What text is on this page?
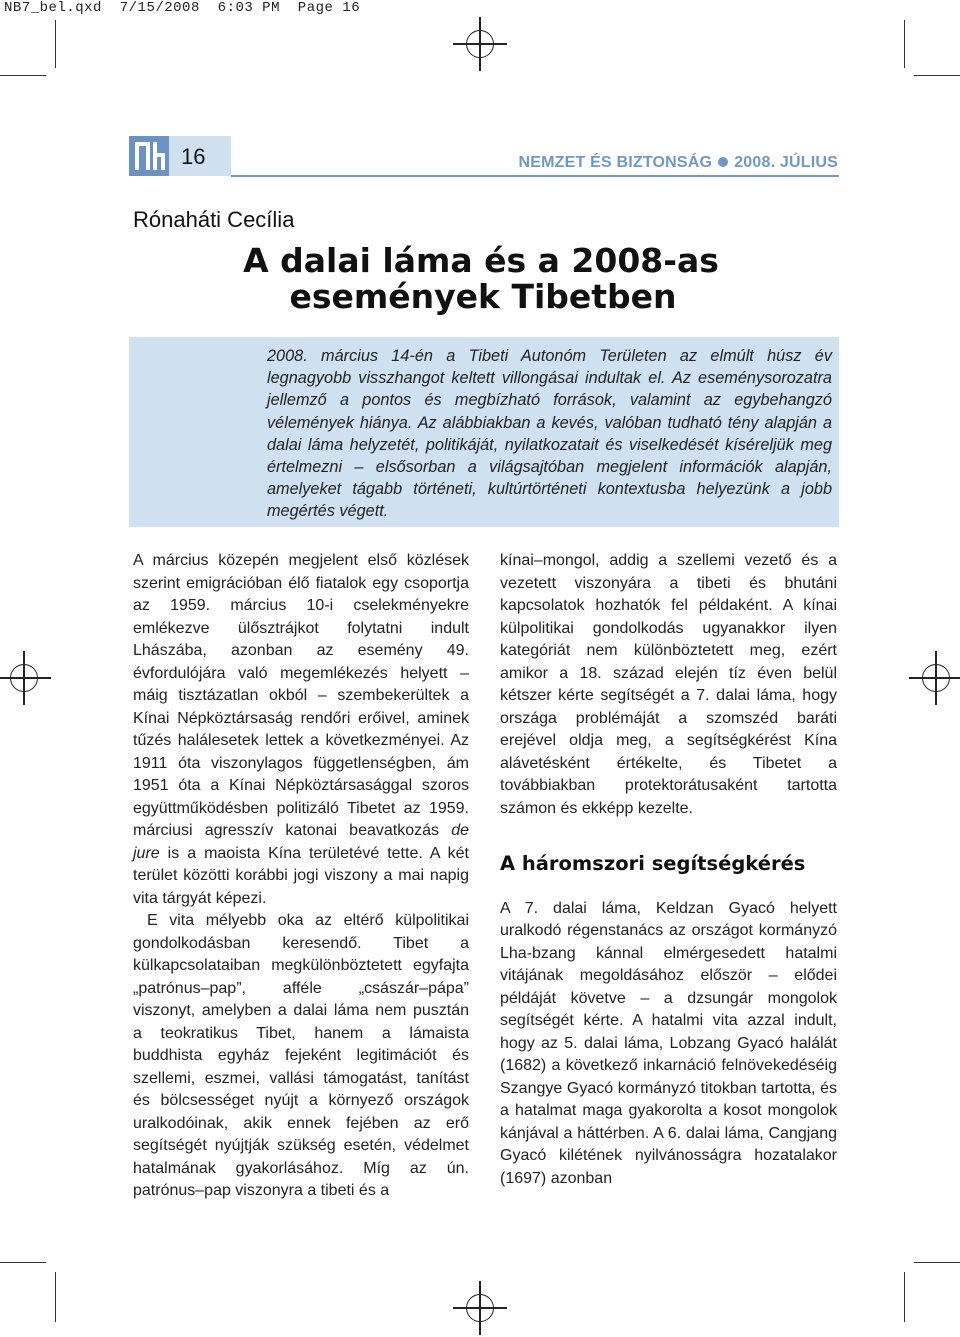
NB7_bel.qxd 7/15/2008 6:03 PM Page 16
16	NEMZET ÉS BIZTONSÁG 2008. JÚLIUS
Rónaháti Cecília
A dalai láma és a 2008-as
események Tibetben
2008. március 14-én a Tibeti Autonóm Területen az elmúlt húsz év legnagyobb visszhangot keltett villongásai indultak el. Az eseménysorozatra jellemző a pontos és megbízható források, valamint az egybehangzó vélemények hiánya. Az alábbiakban a kevés, valóban tudható tény alapján a dalai láma helyzetét, politikáját, nyilatkozatait és viselkedését kíséreljük meg értelmezni – elsősorban a világsajtóban megjelent információk alapján, amelyeket tágabb történeti, kultúrtörténeti kontextusba helyezünk a jobb megértés végett.

A március közepén megjelent első közlések szerint emigrációban élő fiatalok egy csoportja az 1959. március 10-i cselekményekre emlékezve ülősztrájkot folytatni indult Lhászába, azonban az esemény 49. évfordulójára való megemlékezés helyett – máig tisztázatlan okból – szembekerültek a Kínai Népköztársaság rendőri erőivel, aminek tűzés halálesetek lettek a következményei. Az 1911 óta viszonylagos függetlenségben, ám 1951 óta a Kínai Népköztársasággal szoros együttműködésben politizáló Tibetet az 1959. márciusi agresszív katonai beavatkozás de jure is a maoista Kína területévé tette. A két terület közötti korábbi jogi viszony a mai napig vita tárgyát képezi.

E vita mélyebb oka az eltérő külpolitikai gondolkodásban keresendő. Tibet a külkapcsolataiban megkülönböztetett egyfajta „patrónus–pap”, afféle „császár–pápa” viszonyt, amelyben a dalai láma nem pusztán a teokratikus Tibet, hanem a lámaista buddhista egyház fejeként legitimációt és szellemi, eszmei, vallási támogatást, tanítást és bölcsességet nyújt a környező országok uralkodóinak, akik ennek fejében az erő segítségét nyújtják szükség esetén, védelmet hatalmának gyakorlásához. Míg az ún. patrónus–pap viszonyra a tibeti és a

kínai–mongol, addig a szellemi vezető és a vezetett viszonyára a tibeti és bhutáni kapcsolatok hozhatók fel példaként. A kínai külpolitikai gondolkodás ugyanakkor ilyen kategóriát nem különböztetett meg, ezért amikor a 18. század elején tíz éven belül kétszer kérte segítségét a 7. dalai láma, hogy országa problémáját a szomszéd baráti erejével oldja meg, a segítségkérést Kína alávetésként értékelte, és Tibetet a továbbiakban protektorátusaként tartotta számon és ekképp kezelte.

A háromszori segítségkérés

A 7. dalai láma, Keldzan Gyacó helyett uralkodó régenstanács az országot kormányzó Lha-bzang kánnal elmérgesedett hatalmi vitájának megoldásához először – elődei példáját követve – a dzsungár mongolok segítségét kérte. A hatalmi vita azzal indult, hogy az 5. dalai láma, Lobzang Gyacó halálát (1682) a következő inkarnáció felnövekedéséig Szangye Gyacó kormányzó titokban tartotta, és a hatalmat maga gyakorolta a kosot mongolok kánjával a háttérben. A 6. dalai láma, Cangjang Gyacó kilétének nyilvánosságra hozatalakor (1697) azonban
